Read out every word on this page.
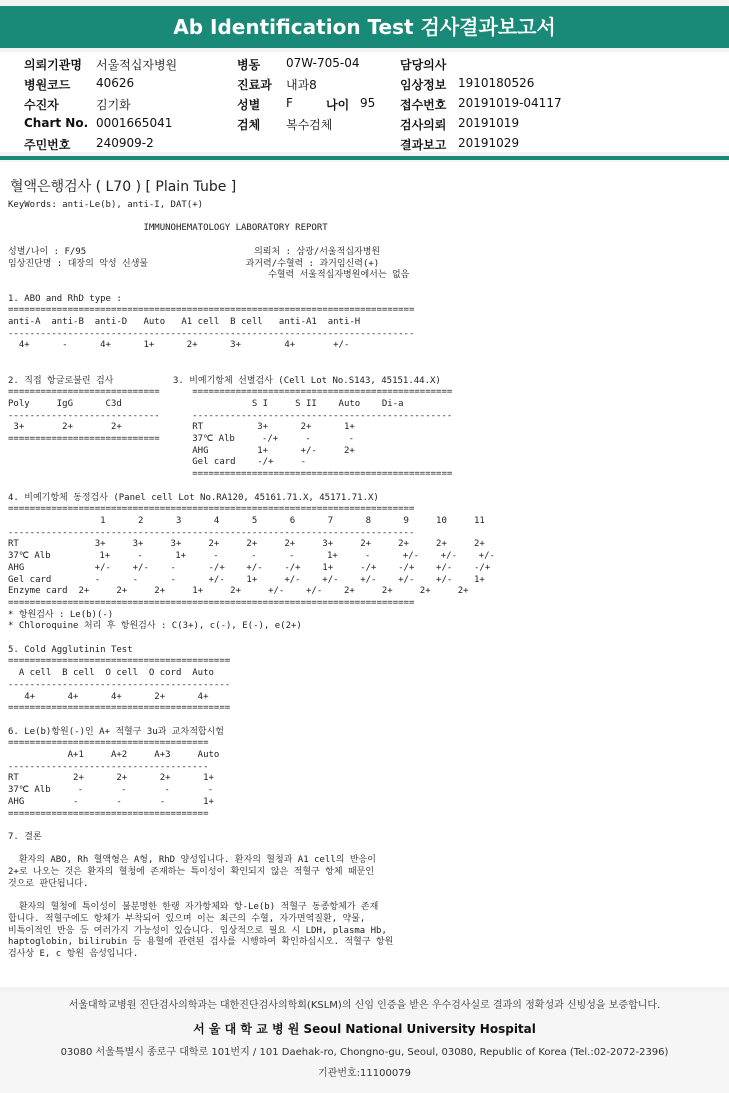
Ab Identification Test 검사결과보고서
의뢰기관명 서울적십자병원
병원코드 40626
수진자	김기화
Chart No. 0001665041
주민번호 240909-2
병동 07W-705-04
진료과 내과8
성별 F	나이 95
검체 복수검체
담당의사
임상정보 1910180526
접수번호 20191019-04117
검사의뢰 20191019
결과보고 20191029
혈액은행검사 ( L70 ) [ Plain Tube ]
KeyWords: anti-Le(b), anti-I, DAT(+)

IMMUNOHEMATOLOGY LABORATORY REPORT

성별/나이 : F/95                               의뢰처 : 삼광/서울적십자병원
임상진단명 : 대장의 악성 신생물                  과거력/수혈력 : 과거임신력(+)
수혈력 서울적십자병원에서는 없음

1. ABO and RhD type :
===========================================================================
anti-A  anti-B  anti-D   Auto   A1 cell  B cell   anti-A1  anti-H
---------------------------------------------------------------------------
4+      -      4+      1+      2+      3+        4+       +/-

2. 직접 항글로불린 검사           3. 비예기항체 선별검사 (Cell Lot No.S143, 45151.44.X)
============================      ================================================
Poly     IgG      C3d                        S I     S II    Auto    Di-a
----------------------------      ------------------------------------------------
3+       2+       2+             RT          3+      2+      1+
============================      37℃ Alb     -/+     -       -
AHG         1+      +/-     2+
Gel card    -/+     -
================================================

4. 비예기항체 동정검사 (Panel cell Lot No.RA120, 45161.71.X, 45171.71.X)
===========================================================================
1      2      3      4      5      6      7      8      9     10     11
---------------------------------------------------------------------------
RT              3+     3+     3+     2+     2+     2+     3+     2+     2+     2+     2+
37℃ Alb         1+     -      1+     -      -      -      1+     -      +/-    +/-    +/-
AHG             +/-    +/-    -      -/+    +/-    -/+    1+     -/+    -/+    +/-    -/+
Gel card        -      -      -      +/-    1+     +/-    +/-    +/-    +/-    +/-    1+
Enzyme card  2+     2+     2+     1+     2+     +/-    +/-    2+     2+     2+     2+
===========================================================================
* 항원검사 : Le(b)(-)
* Chloroquine 처리 후 항원검사 : C(3+), c(-), E(-), e(2+)

5. Cold Agglutinin Test
=========================================
A cell  B cell  O cell  O cord  Auto
-----------------------------------------
4+      4+      4+      2+      4+
=========================================

6. Le(b)항원(-)인 A+ 적혈구 3u과 교차적합시험
=====================================
A+1     A+2     A+3     Auto
-------------------------------------
RT          2+      2+      2+      1+
37℃ Alb     -       -       -       -
AHG         -       -       -       1+
=====================================

7. 결론

환자의 ABO, Rh 혈액형은 A형, RhD 양성입니다. 환자의 혈청과 A1 cell의 반응이
2+로 나오는 것은 환자의 혈청에 존재하는 특이성이 확인되지 않은 적혈구 항체 때문인
것으로 판단됩니다.

환자의 혈청에 특이성이 불분명한 한랭 자가항체와 항-Le(b) 적혈구 동종항체가 존재
합니다. 적혈구에도 항체가 부착되어 있으며 이는 최근의 수혈, 자가면역질환, 약물,
비특이적인 반응 등 여러가지 가능성이 있습니다. 임상적으로 필요 시 LDH, plasma Hb,
haptoglobin, bilirubin 등 용혈에 관련된 검사를 시행하여 확인하십시오. 적혈구 항원
검사상 E, c 항원 음성입니다.
서울대학교병원 진단검사의학과는 대한진단검사의학회(KSLM)의 신임 인증을 받은 우수검사실로 결과의 정확성과 신빙성을 보증합니다.
서 울 대 학 교 병 원 Seoul National University Hospital
03080 서울특별시 종로구 대학로 101번지 / 101 Daehak-ro, Chongno-gu, Seoul, 03080, Republic of Korea (Tel.:02-2072-2396)
기관번호:11100079
